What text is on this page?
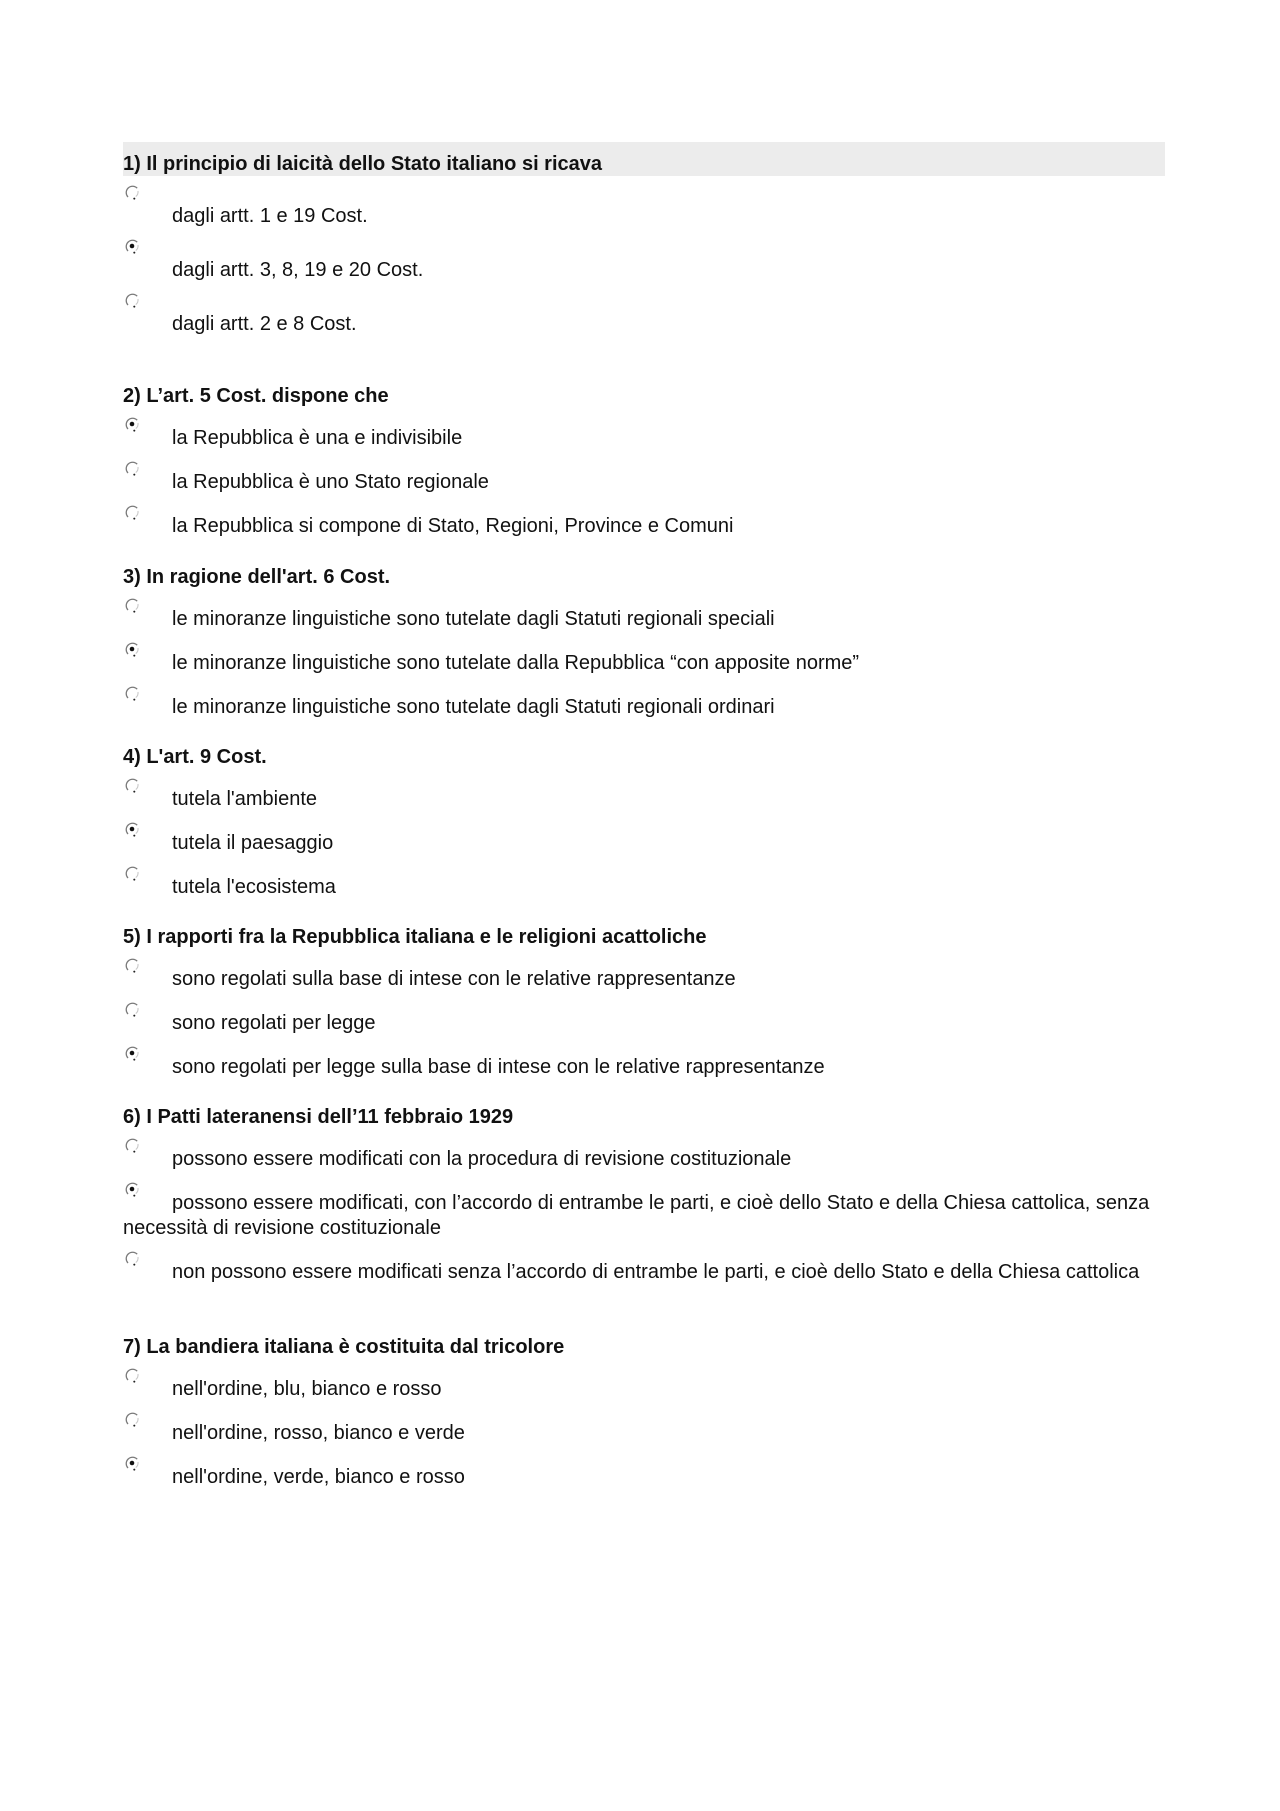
1) Il principio di laicità dello Stato italiano si ricava

dagli artt. 1 e 19 Cost.
dagli artt. 3, 8, 19 e 20 Cost.
dagli artt. 2 e 8 Cost.

2) L’art. 5 Cost. dispone che

la Repubblica è una e indivisibile
la Repubblica è uno Stato regionale
la Repubblica si compone di Stato, Regioni, Province e Comuni

3) In ragione dell'art. 6 Cost.

le minoranze linguistiche sono tutelate dagli Statuti regionali speciali
le minoranze linguistiche sono tutelate dalla Repubblica “con apposite norme”
le minoranze linguistiche sono tutelate dagli Statuti regionali ordinari

4) L'art. 9 Cost.

tutela l'ambiente
tutela il paesaggio
tutela l'ecosistema

5) I rapporti fra la Repubblica italiana e le religioni acattoliche

sono regolati sulla base di intese con le relative rappresentanze
sono regolati per legge
sono regolati per legge sulla base di intese con le relative rappresentanze

6) I Patti lateranensi dell’11 febbraio 1929

possono essere modificati con la procedura di revisione costituzionale
possono essere modificati, con l’accordo di entrambe le parti, e cioè dello Stato e della Chiesa cattolica, senza necessità di revisione costituzionale
non possono essere modificati senza l’accordo di entrambe le parti, e cioè dello Stato e della Chiesa cattolica

7) La bandiera italiana è costituita dal tricolore

nell'ordine, blu, bianco e rosso
nell'ordine, rosso, bianco e verde
nell'ordine, verde, bianco e rosso
